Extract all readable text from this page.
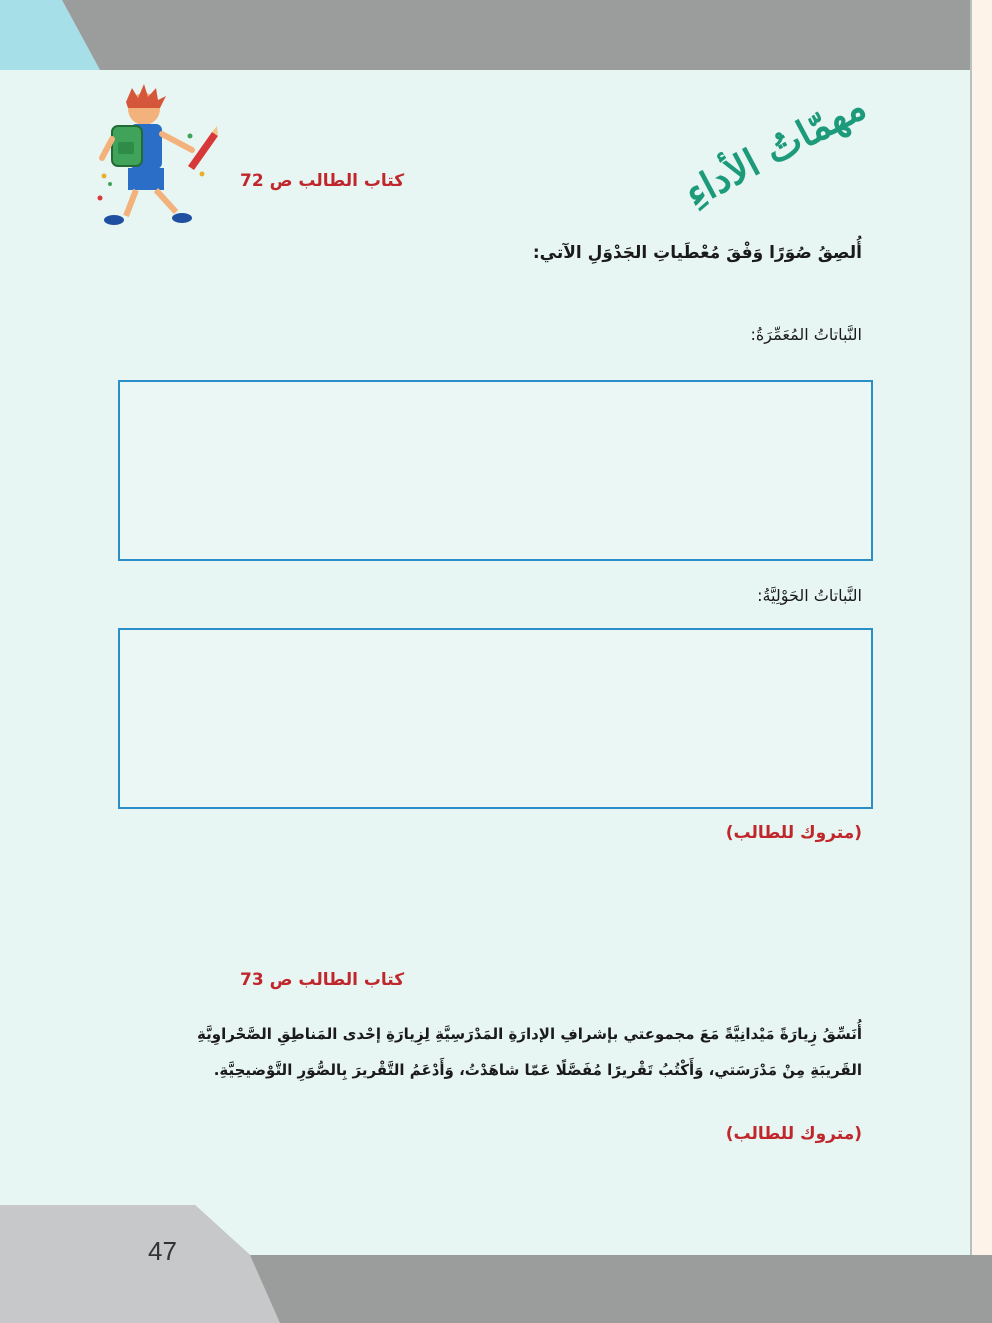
مهمّاتُ الأداءِ
كتاب الطالب ص 72
أُلصِقُ صُوَرًا وَفْقَ مُعْطَياتِ الجَدْوَلِ الآتي:
النَّباتاتُ المُعَمِّرَةُ:
النَّباتاتُ الحَوْلِيَّةُ:
(متروك للطالب)
كتاب الطالب ص 73
أُنَسِّقُ زِيارَةً مَيْدانِيَّةً مَعَ مجموعتي بإشرافِ الإدارَةِ المَدْرَسِيَّةِ لِزِيارَةِ إحْدى المَناطِقِ الصَّحْراوِيَّةِ
القَريبَةِ مِنْ مَدْرَسَتي، وَأَكْتُبُ تَقْريرًا مُفَصَّلًا عَمّا شاهَدْتُ، وَأَدْعَمُ التَّقْريرَ بِالصُّوَرِ التَّوْضيحِيَّةِ.
(متروك للطالب)
47
